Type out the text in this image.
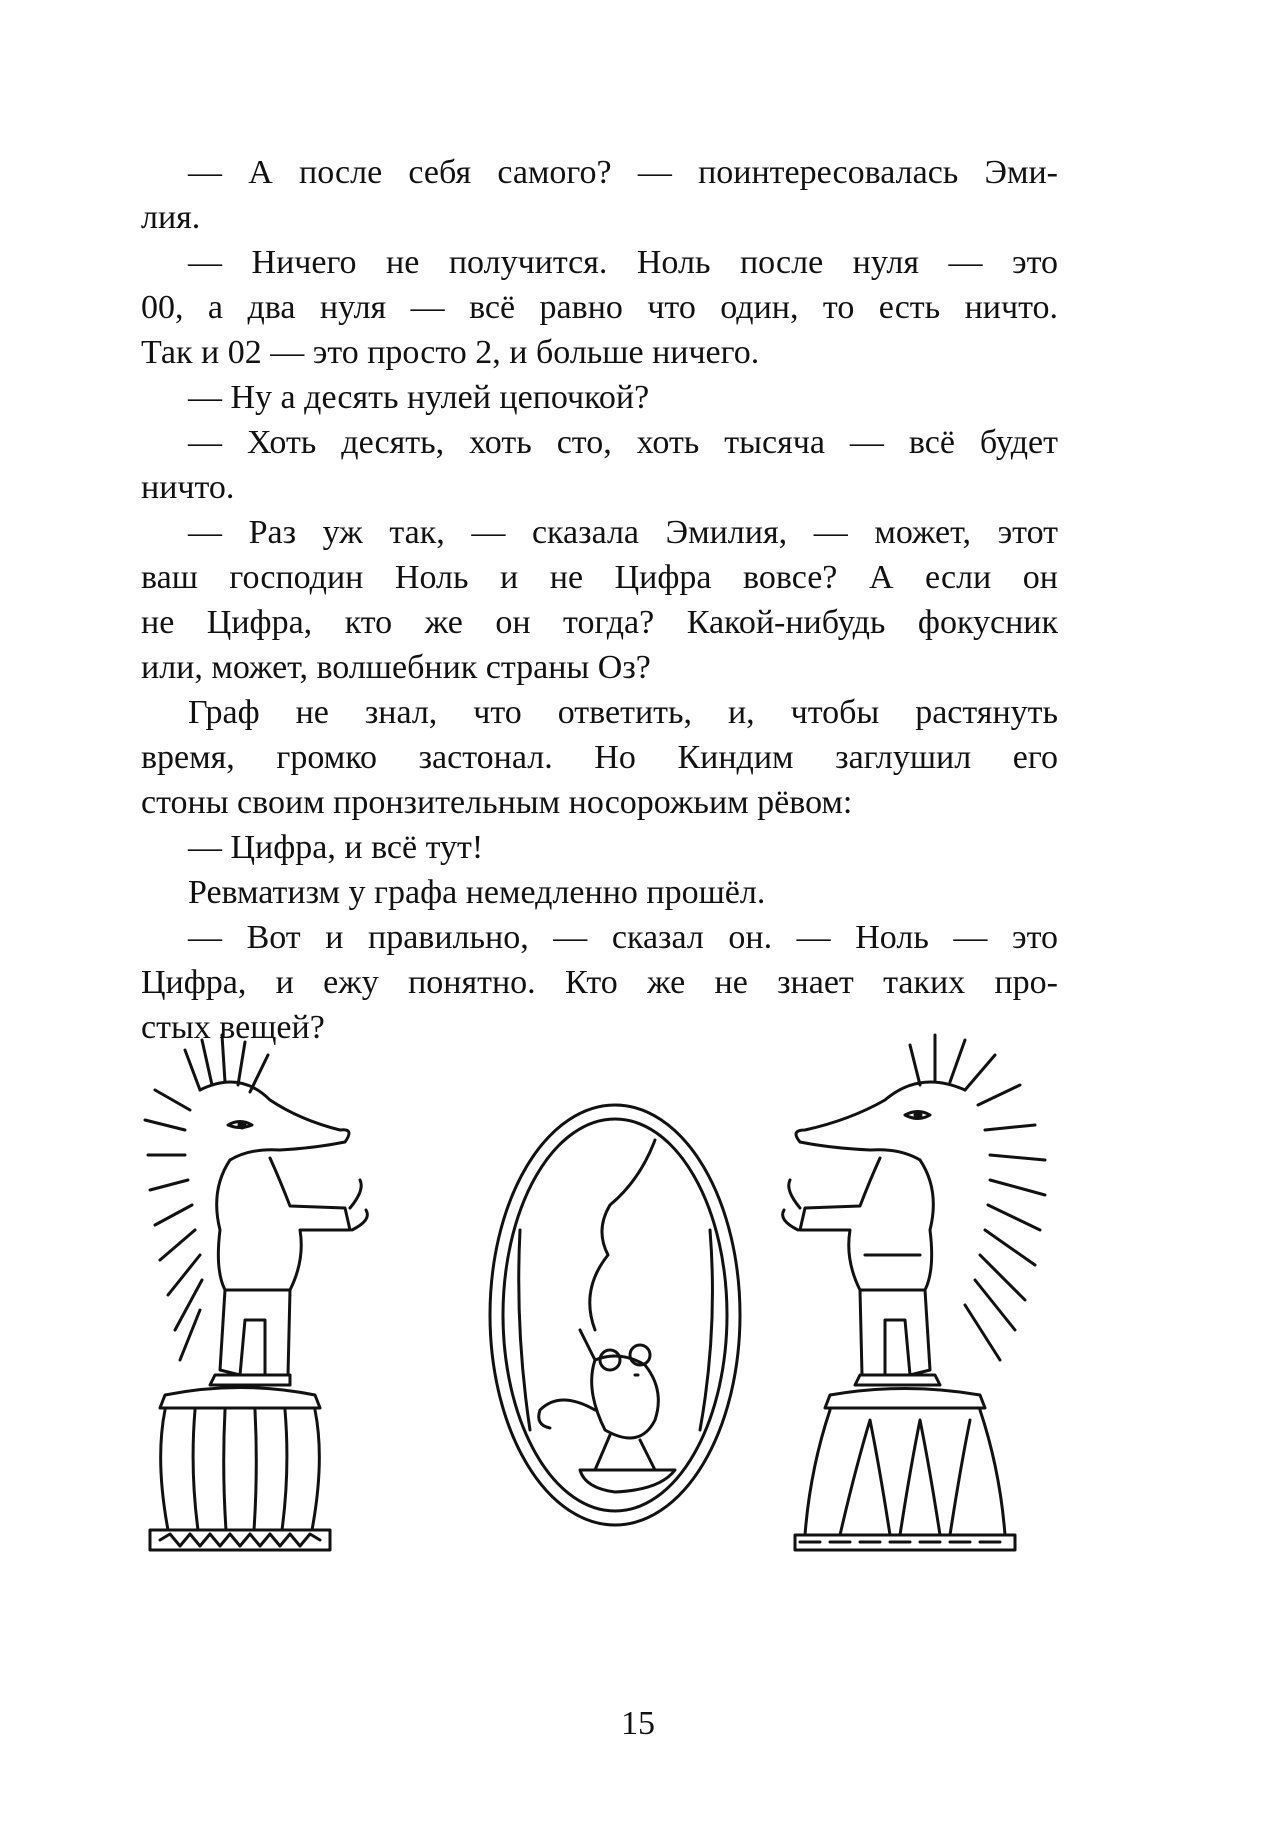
— А после себя самого? — поинтересовалась Эми-
лия.
— Ничего не получится. Ноль после нуля — это
00, а два нуля — всё равно что один, то есть ничто.
Так и 02 — это просто 2, и больше ничего.
— Ну а десять нулей цепочкой?
— Хоть десять, хоть сто, хоть тысяча — всё будет
ничто.
— Раз уж так, — сказала Эмилия, — может, этот
ваш господин Ноль и не Цифра вовсе? А если он
не Цифра, кто же он тогда? Какой-нибудь фокусник
или, может, волшебник страны Оз?
Граф не знал, что ответить, и, чтобы растянуть
время, громко застонал. Но Киндим заглушил его
стоны своим пронзительным носорожьим рёвом:
— Цифра, и всё тут!
Ревматизм у графа немедленно прошёл.
— Вот и правильно, — сказал он. — Ноль — это
Цифра, и ежу понятно. Кто же не знает таких про-
стых вещей?
15
